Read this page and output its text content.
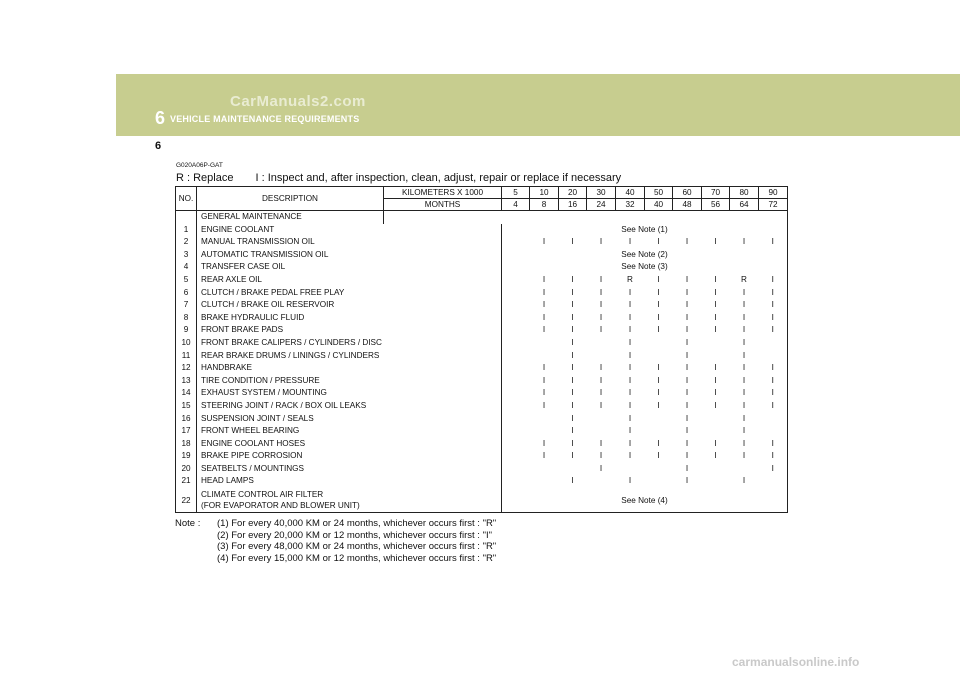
CarManuals2.com
6 VEHICLE MAINTENANCE REQUIREMENTS
6
G020A06P-GAT
R : Replace I : Inspect and, after inspection, clean, adjust, repair or replace if necessary
NO.	DESCRIPTION	KILOMETERS X 1000	5	10	20	30	40	50	60	70	80	90
		MONTHS	4	8	16	24	32	40	48	56	64	72
	GENERAL MAINTENANCE											
1	ENGINE COOLANT		See Note (1)									
2	MANUAL TRANSMISSION OIL			I	I	I	I	I	I	I	I	I
3	AUTOMATIC TRANSMISSION OIL		See Note (2)									
4	TRANSFER CASE OIL		See Note (3)									
5	REAR AXLE OIL			I	I	I	R	I	I	I	R	I
6	CLUTCH / BRAKE PEDAL FREE PLAY			I	I	I	I	I	I	I	I	I
7	CLUTCH / BRAKE OIL RESERVOIR			I	I	I	I	I	I	I	I	I
8	BRAKE HYDRAULIC FLUID			I	I	I	I	I	I	I	I	I
9	FRONT BRAKE PADS			I	I	I	I	I	I	I	I	I
10	FRONT BRAKE CALIPERS / CYLINDERS / DISC				I		I		I		I	
11	REAR BRAKE DRUMS / LININGS / CYLINDERS				I		I		I		I	
12	HANDBRAKE			I	I	I	I	I	I	I	I	I
13	TIRE CONDITION / PRESSURE			I	I	I	I	I	I	I	I	I
14	EXHAUST SYSTEM / MOUNTING			I	I	I	I	I	I	I	I	I
15	STEERING JOINT / RACK / BOX OIL LEAKS			I	I	I	I	I	I	I	I	I
16	SUSPENSION JOINT / SEALS				I		I		I		I	
17	FRONT WHEEL BEARING				I		I		I		I	
18	ENGINE COOLANT HOSES			I	I	I	I	I	I	I	I	I
19	BRAKE PIPE CORROSION			I	I	I	I	I	I	I	I	I
20	SEATBELTS / MOUNTINGS					I			I			I
21	HEAD LAMPS				I		I		I		I	
22	CLIMATE CONTROL AIR FILTER
(FOR EVAPORATOR AND BLOWER UNIT)		See Note (4)									
Note : (1) For every 40,000 KM or 24 months, whichever occurs first : "R"
(2) For every 20,000 KM or 12 months, whichever occurs first : "I"
(3) For every 48,000 KM or 24 months, whichever occurs first : "R"
(4) For every 15,000 KM or 12 months, whichever occurs first : "R"
carmanualsonline.info
